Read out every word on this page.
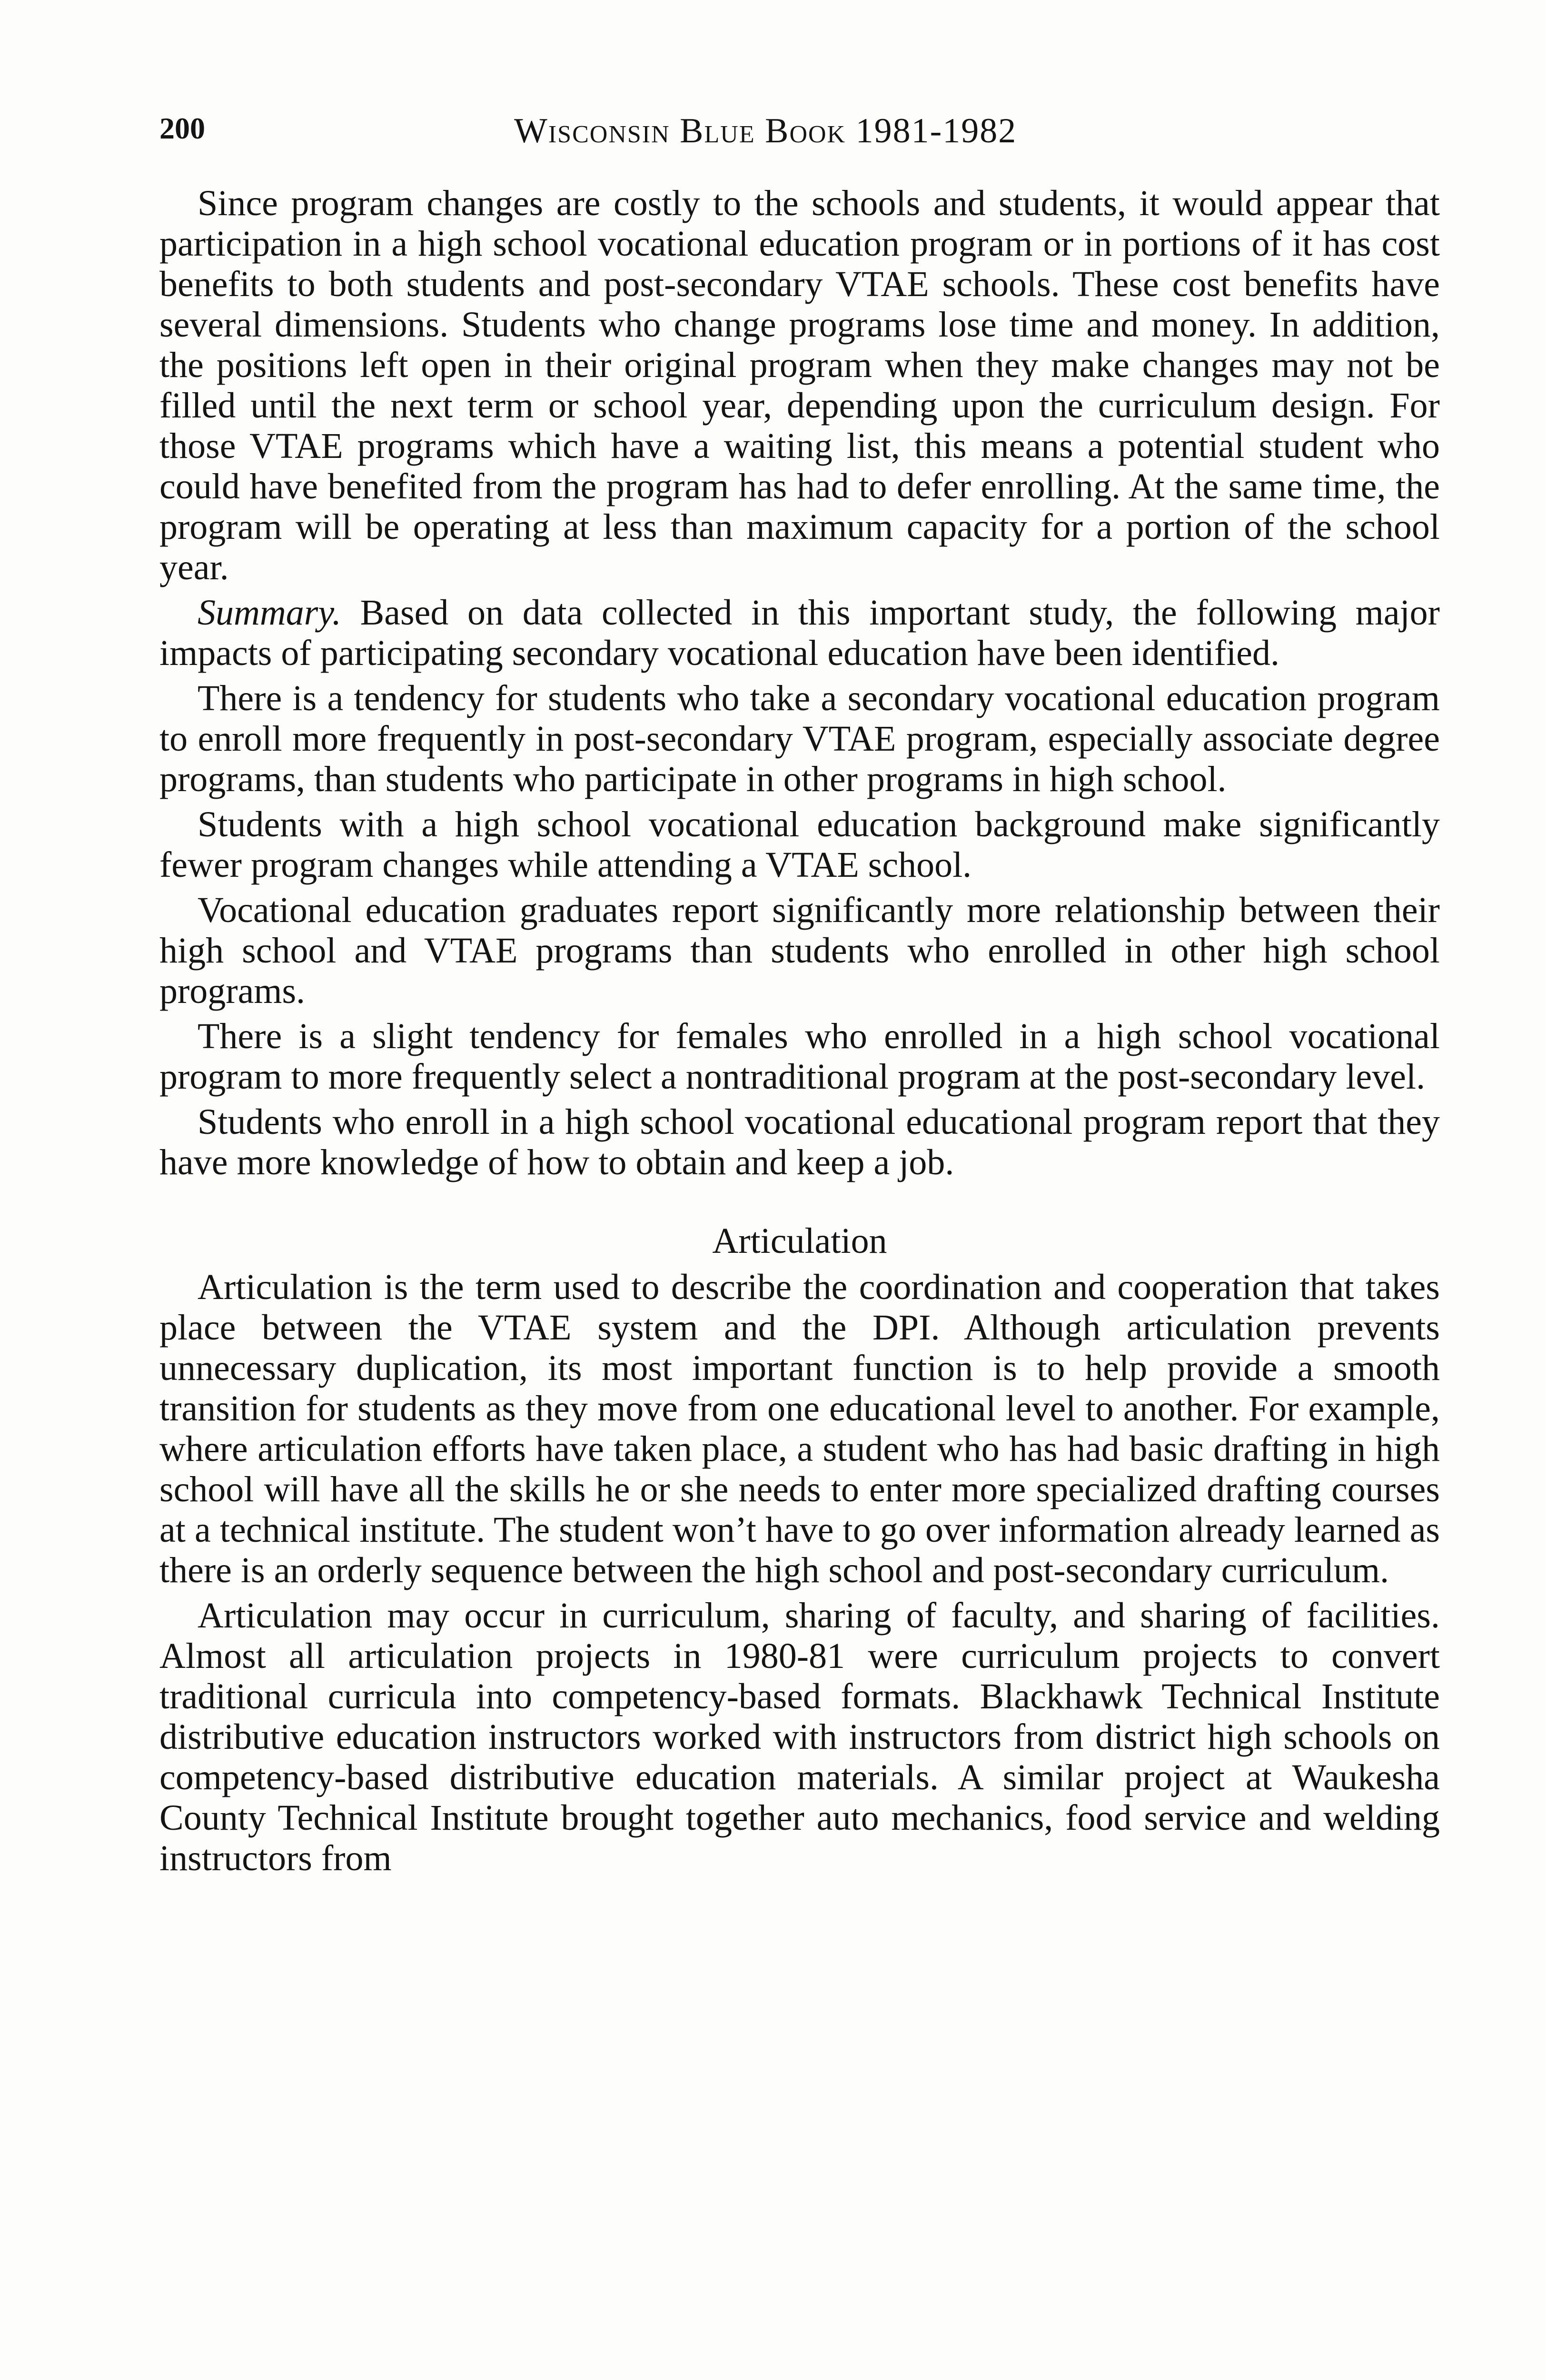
200	Wisconsin Blue Book 1981-1982

Since program changes are costly to the schools and students, it would appear that participation in a high school vocational education program or in portions of it has cost benefits to both students and post-secondary VTAE schools. These cost benefits have several dimensions. Students who change programs lose time and money. In addition, the positions left open in their original program when they make changes may not be filled until the next term or school year, depending upon the curriculum design. For those VTAE programs which have a waiting list, this means a potential student who could have benefited from the program has had to defer enrolling. At the same time, the program will be operating at less than maximum capacity for a portion of the school year.

Summary. Based on data collected in this important study, the following major impacts of participating secondary vocational education have been identified.

There is a tendency for students who take a secondary vocational education program to enroll more frequently in post-secondary VTAE program, especially associate degree programs, than students who participate in other programs in high school.

Students with a high school vocational education background make significantly fewer program changes while attending a VTAE school.

Vocational education graduates report significantly more relationship between their high school and VTAE programs than students who enrolled in other high school programs.

There is a slight tendency for females who enrolled in a high school vocational program to more frequently select a nontraditional program at the post-secondary level.

Students who enroll in a high school vocational educational program report that they have more knowledge of how to obtain and keep a job.

Articulation

Articulation is the term used to describe the coordination and cooperation that takes place between the VTAE system and the DPI. Although articulation prevents unnecessary duplication, its most important function is to help provide a smooth transition for students as they move from one educational level to another. For example, where articulation efforts have taken place, a student who has had basic drafting in high school will have all the skills he or she needs to enter more specialized drafting courses at a technical institute. The student won’t have to go over information already learned as there is an orderly sequence between the high school and post-secondary curriculum.

Articulation may occur in curriculum, sharing of faculty, and sharing of facilities. Almost all articulation projects in 1980-81 were curriculum projects to convert traditional curricula into competency-based formats. Blackhawk Technical Institute distributive education instructors worked with instructors from district high schools on competency-based distributive education materials. A similar project at Waukesha County Technical Institute brought together auto mechanics, food service and welding instructors from
